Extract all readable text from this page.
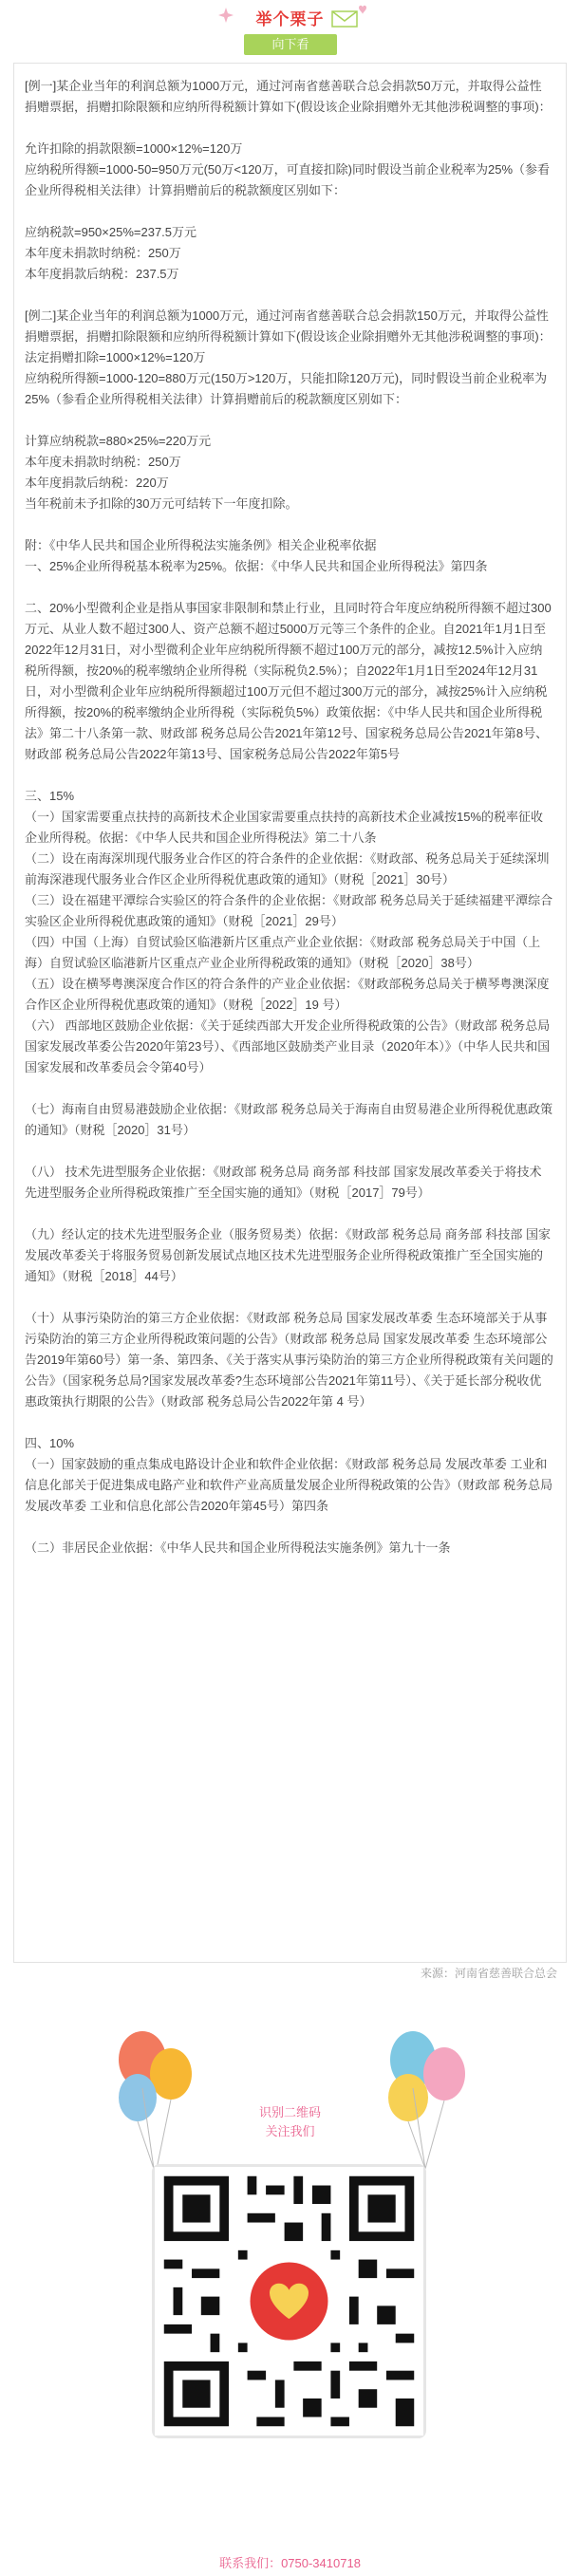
举个栗子
向下看

[例一]某企业当年的利润总额为1000万元，通过河南省慈善联合总会捐款50万元，并取得公益性捐赠票据，捐赠扣除限额和应纳所得税额计算如下(假设该企业除捐赠外无其他涉税调整的事项)：

允许扣除的捐款限额=1000×12%=120万

应纳税所得额=1000-50=950万元(50万<120万，可直接扣除)同时假设当前企业税率为25%（参看企业所得税相关法律）计算捐赠前后的税款额度区别如下：

应纳税款=950×25%=237.5万元

本年度未捐款时纳税：250万

本年度捐款后纳税：237.5万

[例二]某企业当年的利润总额为1000万元，通过河南省慈善联合总会捐款150万元，并取得公益性捐赠票据，捐赠扣除限额和应纳所得税额计算如下(假设该企业除捐赠外无其他涉税调整的事项)：

法定捐赠扣除=1000×12%=120万

应纳税所得额=1000-120=880万元(150万>120万，只能扣除120万元)，同时假设当前企业税率为25%（参看企业所得税相关法律）计算捐赠前后的税款额度区别如下：

计算应纳税款=880×25%=220万元

本年度未捐款时纳税：250万

本年度捐款后纳税：220万

当年税前未予扣除的30万元可结转下一年度扣除。

附：《中华人民共和国企业所得税法实施条例》相关企业税率依据

一、25%企业所得税基本税率为25%。依据：《中华人民共和国企业所得税法》第四条

二、20%小型微利企业是指从事国家非限制和禁止行业，且同时符合年度应纳税所得额不超过300万元、从业人数不超过300人、资产总额不超过5000万元等三个条件的企业。自2021年1月1日至2022年12月31日，对小型微利企业年应纳税所得额不超过100万元的部分，减按12.5%计入应纳税所得额，按20%的税率缴纳企业所得税（实际税负2.5%）；自2022年1月1日至2024年12月31日，对小型微利企业年应纳税所得额超过100万元但不超过300万元的部分，减按25%计入应纳税所得额，按20%的税率缴纳企业所得税（实际税负5%）政策依据：《中华人民共和国企业所得税法》第二十八条第一款、财政部 税务总局公告2021年第12号、国家税务总局公告2021年第8号、财政部 税务总局公告2022年第13号、国家税务总局公告2022年第5号

三、15%

（一）国家需要重点扶持的高新技术企业国家需要重点扶持的高新技术企业减按15%的税率征收企业所得税。依据：《中华人民共和国企业所得税法》第二十八条

（二）设在南海深圳现代服务业合作区的符合条件的企业依据：《财政部、税务总局关于延续深圳前海深港现代服务业合作区企业所得税优惠政策的通知》（财税［2021］30号）

（三）设在福建平潭综合实验区的符合条件的企业依据：《财政部 税务总局关于延续福建平潭综合实验区企业所得税优惠政策的通知》（财税［2021］29号）

（四）中国（上海）自贸试验区临港新片区重点产业企业依据：《财政部 税务总局关于中国（上海）自贸试验区临港新片区重点产业企业所得税政策的通知》（财税［2020］38号）

（五）设在横琴粤澳深度合作区的符合条件的产业企业依据：《财政部税务总局关于横琴粤澳深度合作区企业所得税优惠政策的通知》（财税［2022］19 号）

（六） 西部地区鼓励企业依据：《关于延续西部大开发企业所得税政策的公告》（财政部 税务总局 国家发展改革委公告2020年第23号）、《西部地区鼓励类产业目录（2020年本）》（中华人民共和国国家发展和改革委员会令第40号）

（七）海南自由贸易港鼓励企业依据：《财政部 税务总局关于海南自由贸易港企业所得税优惠政策的通知》（财税［2020］31号）

（八） 技术先进型服务企业依据：《财政部 税务总局 商务部 科技部 国家发展改革委关于将技术先进型服务企业所得税政策推广至全国实施的通知》（财税［2017］79号）

（九）经认定的技术先进型服务企业（服务贸易类）依据：《财政部 税务总局 商务部 科技部 国家发展改革委关于将服务贸易创新发展试点地区技术先进型服务企业所得税政策推广至全国实施的通知》（财税［2018］44号）

（十）从事污染防治的第三方企业依据：《财政部 税务总局 国家发展改革委 生态环境部关于从事污染防治的第三方企业所得税政策问题的公告》（财政部 税务总局 国家发展改革委 生态环境部公告2019年第60号）第一条、第四条、《关于落实从事污染防治的第三方企业所得税政策有关问题的公告》（国家税务总局?国家发展改革委?生态环境部公告2021年第11号）、《关于延长部分税收优惠政策执行期限的公告》（财政部 税务总局公告2022年第 4 号）

四、10%

（一）国家鼓励的重点集成电路设计企业和软件企业依据：《财政部 税务总局 发展改革委 工业和信息化部关于促进集成电路产业和软件产业高质量发展企业所得税政策的公告》（财政部 税务总局 发展改革委 工业和信息化部公告2020年第45号）第四条

（二）非居民企业依据：《中华人民共和国企业所得税法实施条例》第九十一条

来源：河南省慈善联合总会
识别二维码
关注我们
联系我们：0750-3410718
